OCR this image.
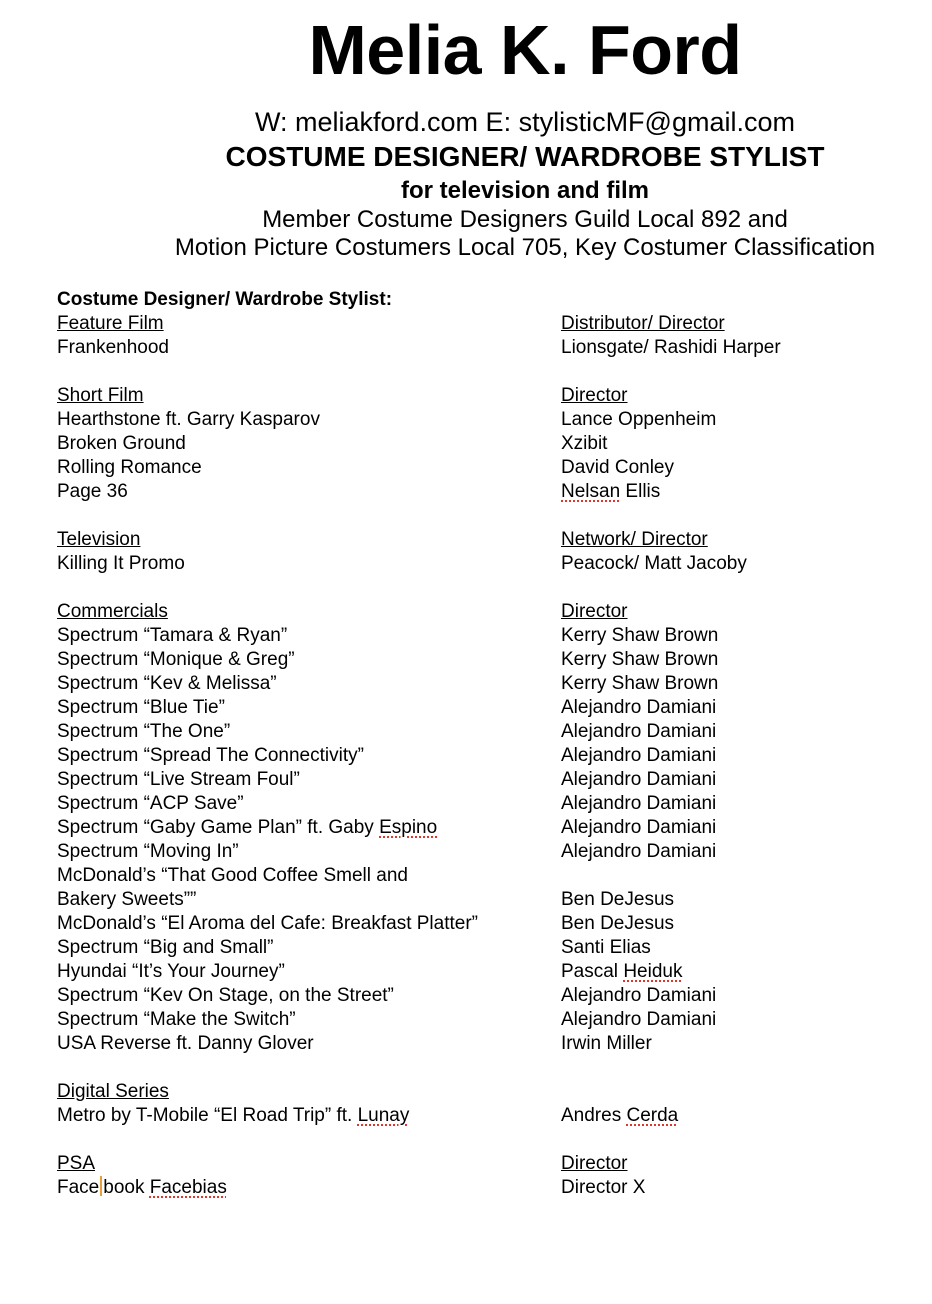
Melia K. Ford
W: meliakford.com E: stylisticMF@gmail.com
COSTUME DESIGNER/ WARDROBE STYLIST
for television and film
Member Costume Designers Guild Local 892 and
Motion Picture Costumers Local 705, Key Costumer Classification
Costume Designer/ Wardrobe Stylist:
Feature Film	Distributor/ Director
Frankenhood	Lionsgate/ Rashidi Harper
Short Film	Director
Hearthstone ft. Garry Kasparov	Lance Oppenheim
Broken Ground	Xzibit
Rolling Romance	David Conley
Page 36	Nelsan Ellis
Television	Network/ Director
Killing It Promo	Peacock/ Matt Jacoby
Commercials	Director
Spectrum “Tamara & Ryan”	Kerry Shaw Brown
Spectrum “Monique & Greg”	Kerry Shaw Brown
Spectrum “Kev & Melissa”	Kerry Shaw Brown
Spectrum “Blue Tie”	Alejandro Damiani
Spectrum “The One”	Alejandro Damiani
Spectrum “Spread The Connectivity”	Alejandro Damiani
Spectrum “Live Stream Foul”	Alejandro Damiani
Spectrum “ACP Save”	Alejandro Damiani
Spectrum “Gaby Game Plan” ft. Gaby Espino	Alejandro Damiani
Spectrum “Moving In”	Alejandro Damiani
McDonald’s “That Good Coffee Smell and
Bakery Sweets””	Ben DeJesus
McDonald’s “El Aroma del Cafe: Breakfast Platter”	Ben DeJesus
Spectrum “Big and Small”	Santi Elias
Hyundai “It’s Your Journey”	Pascal Heiduk
Spectrum “Kev On Stage, on the Street”	Alejandro Damiani
Spectrum “Make the Switch”	Alejandro Damiani
USA Reverse ft. Danny Glover	Irwin Miller
Digital Series
Metro by T-Mobile “El Road Trip” ft. Lunay	Andres Cerda
PSA	Director
Face book Facebias	Director X
